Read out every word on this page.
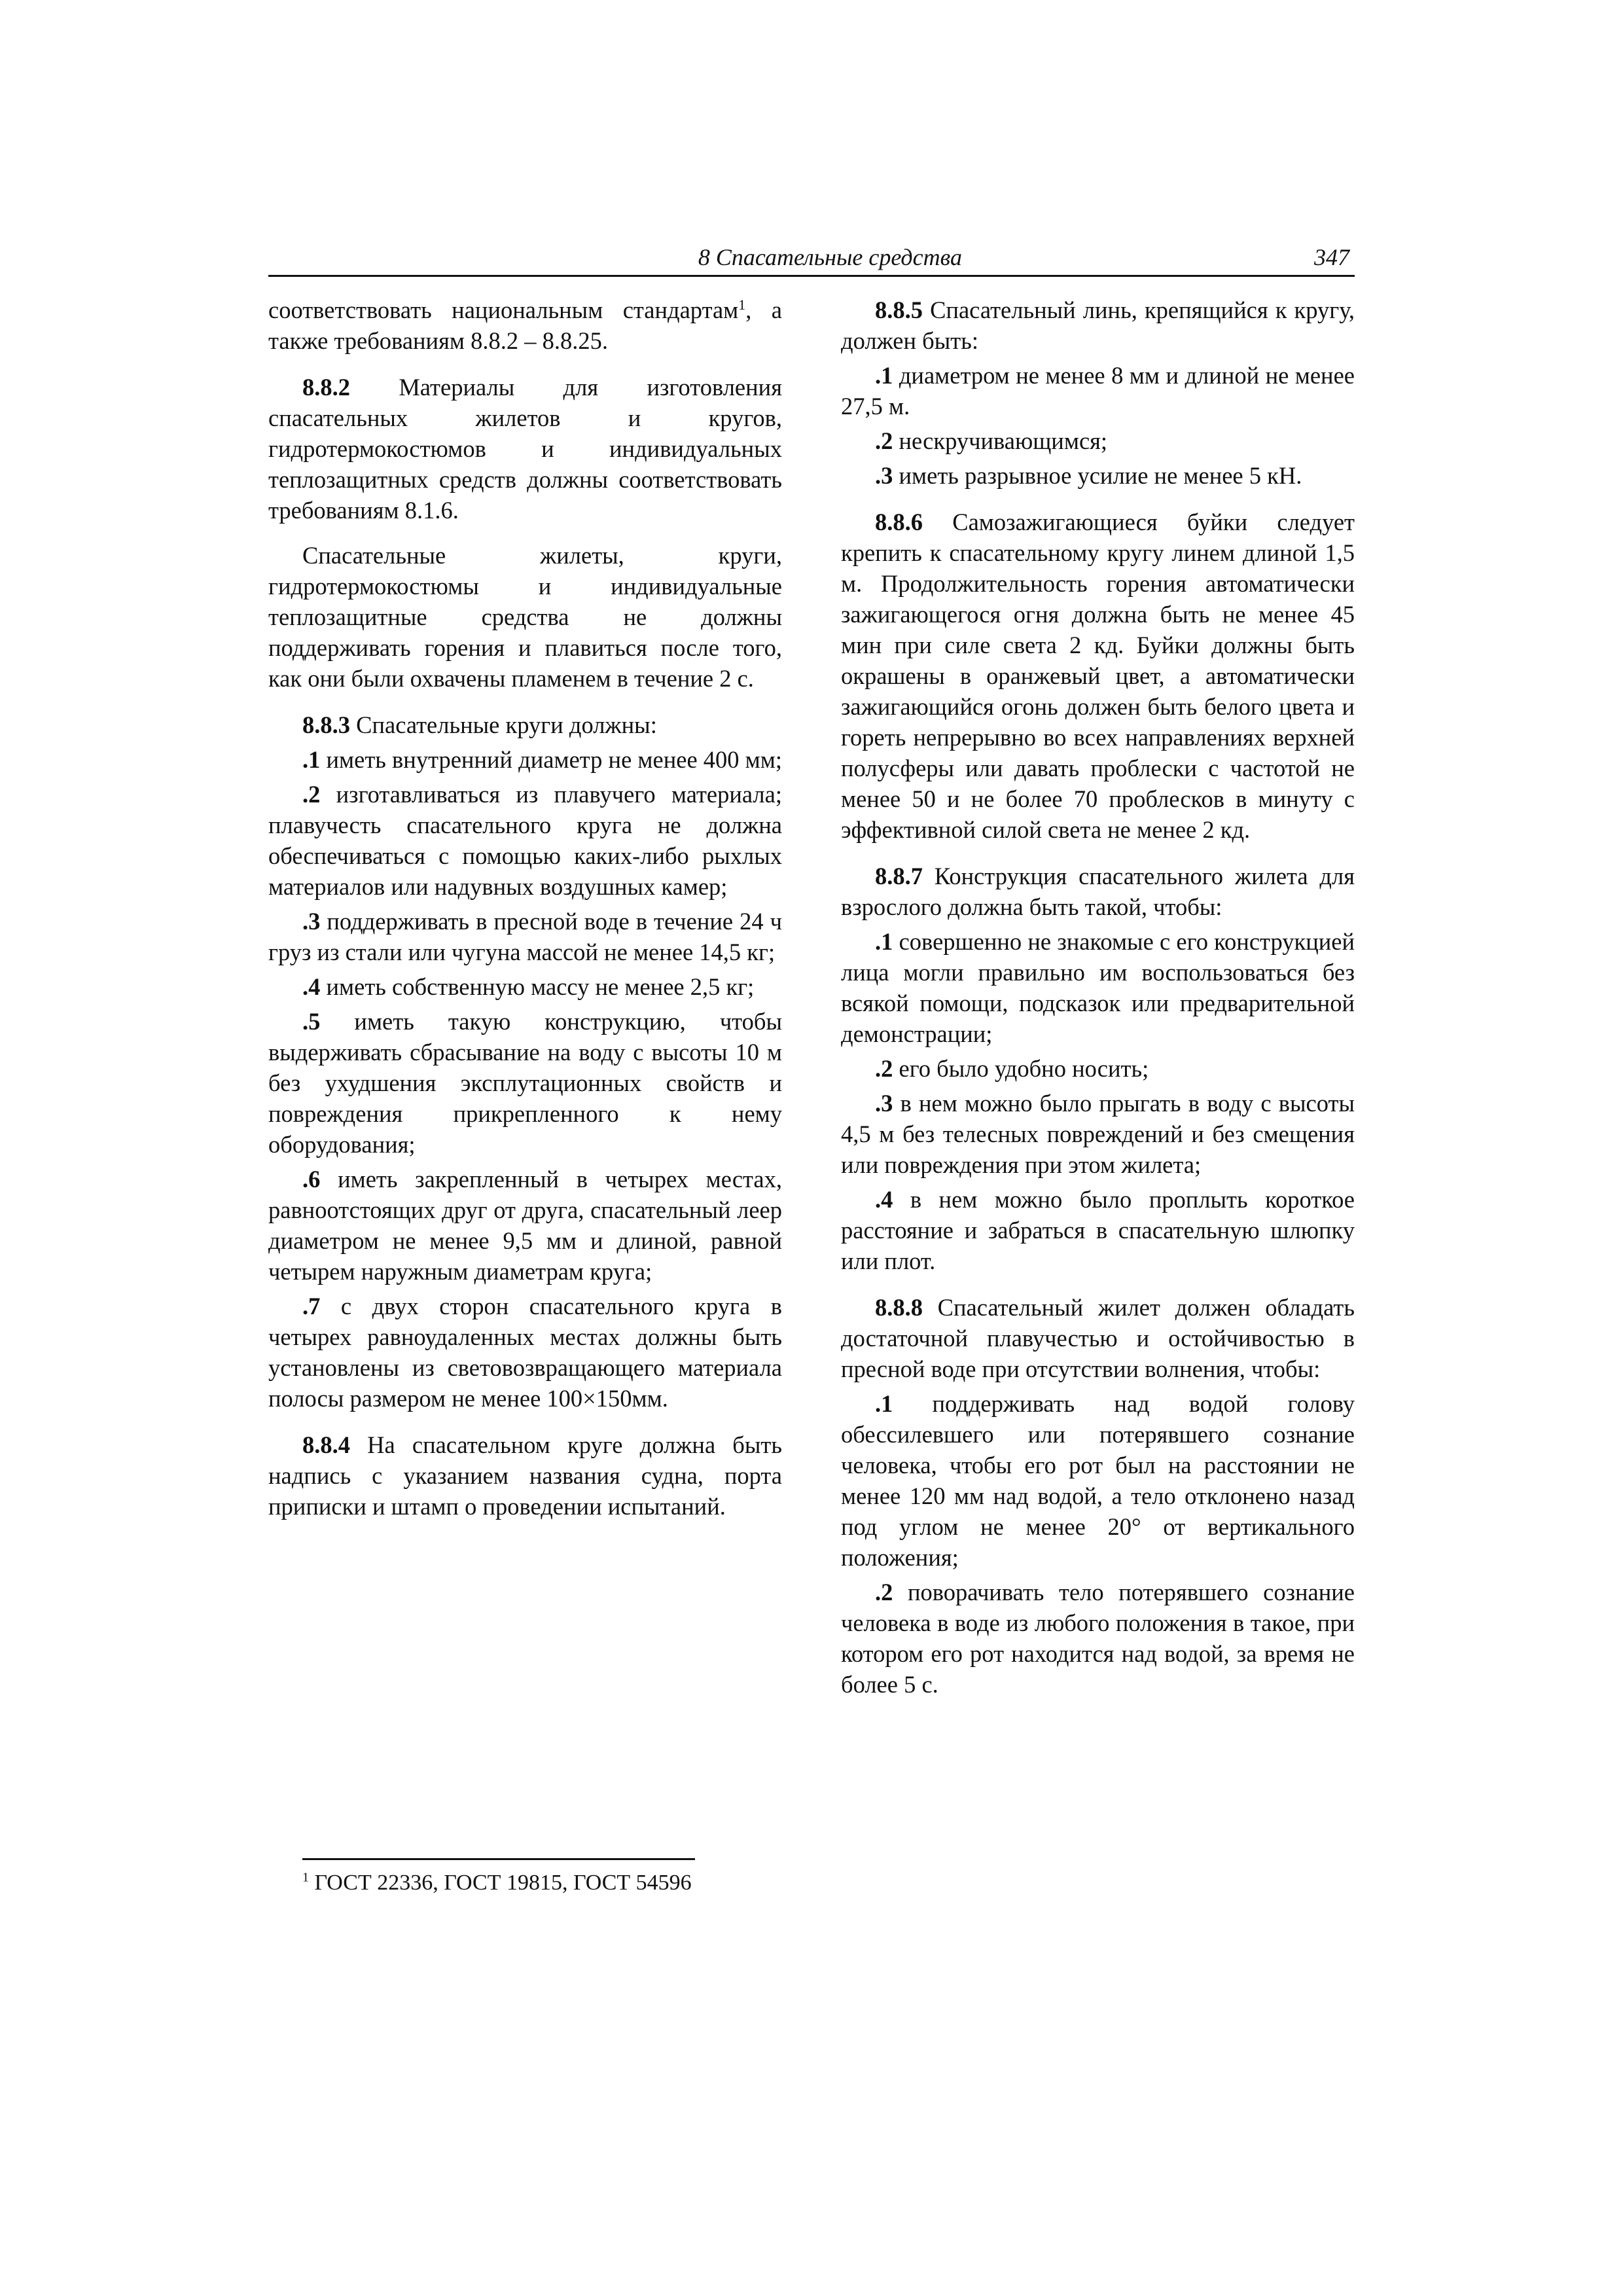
8 Спасательные средства	347

соответствовать национальным стандартам$^1$, а также требованиям 8.8.2 – 8.8.25.

8.8.2 Материалы для изготовления спасательных жилетов и кругов, гидротермокостюмов и индивидуальных теплозащитных средств должны соответствовать требованиям 8.1.6.

Спасательные жилеты, круги, гидротермокостюмы и индивидуальные теплозащитные средства не должны поддерживать горения и плавиться после того, как они были охвачены пламенем в течение 2 с.

8.8.3 Спасательные круги должны:

.1 иметь внутренний диаметр не менее 400 мм;

.2 изготавливаться из плавучего материала; плавучесть спасательного круга не должна обеспечиваться с помощью каких-либо рыхлых материалов или надувных воздушных камер;

.3 поддерживать в пресной воде в течение 24 ч груз из стали или чугуна массой не менее 14,5 кг;

.4 иметь собственную массу не менее 2,5 кг;

.5 иметь такую конструкцию, чтобы выдерживать сбрасывание на воду с высоты 10 м без ухудшения эксплутационных свойств и повреждения прикрепленного к нему оборудования;

.6 иметь закрепленный в четырех местах, равноотстоящих друг от друга, спасательный леер диаметром не менее 9,5 мм и длиной, равной четырем наружным диаметрам круга;

.7 с двух сторон спасательного круга в четырех равноудаленных местах должны быть установлены из световозвращающего материала полосы размером не менее 100×150мм.

8.8.4 На спасательном круге должна быть надпись с указанием названия судна, порта приписки и штамп о проведении испытаний.

8.8.5 Спасательный линь, крепящийся к кругу, должен быть:

.1 диаметром не менее 8 мм и длиной не менее 27,5 м.

.2 нескручивающимся;

.3 иметь разрывное усилие не менее 5 кН.

8.8.6 Самозажигающиеся буйки следует крепить к спасательному кругу линем длиной 1,5 м. Продолжительность горения автоматически зажигающегося огня должна быть не менее 45 мин при силе света 2 кд. Буйки должны быть окрашены в оранжевый цвет, а автоматически зажигающийся огонь должен быть белого цвета и гореть непрерывно во всех направлениях верхней полусферы или давать проблески с частотой не менее 50 и не более 70 проблесков в минуту с эффективной силой света не менее 2 кд.

8.8.7 Конструкция спасательного жилета для взрослого должна быть такой, чтобы:

.1 совершенно не знакомые с его конструкцией лица могли правильно им воспользоваться без всякой помощи, подсказок или предварительной демонстрации;

.2 его было удобно носить;

.3 в нем можно было прыгать в воду с высоты 4,5 м без телесных повреждений и без смещения или повреждения при этом жилета;

.4 в нем можно было проплыть короткое расстояние и забраться в спасательную шлюпку или плот.

8.8.8 Спасательный жилет должен обладать достаточной плавучестью и остойчивостью в пресной воде при отсутствии волнения, чтобы:

.1 поддерживать над водой голову обессилевшего или потерявшего сознание человека, чтобы его рот был на расстоянии не менее 120 мм над водой, а тело отклонено назад под углом не менее 20° от вертикального положения;

.2 поворачивать тело потерявшего сознание человека в воде из любого положения в такое, при котором его рот находится над водой, за время не более 5 с.

$^1$ ГОСТ 22336, ГОСТ 19815, ГОСТ 54596
